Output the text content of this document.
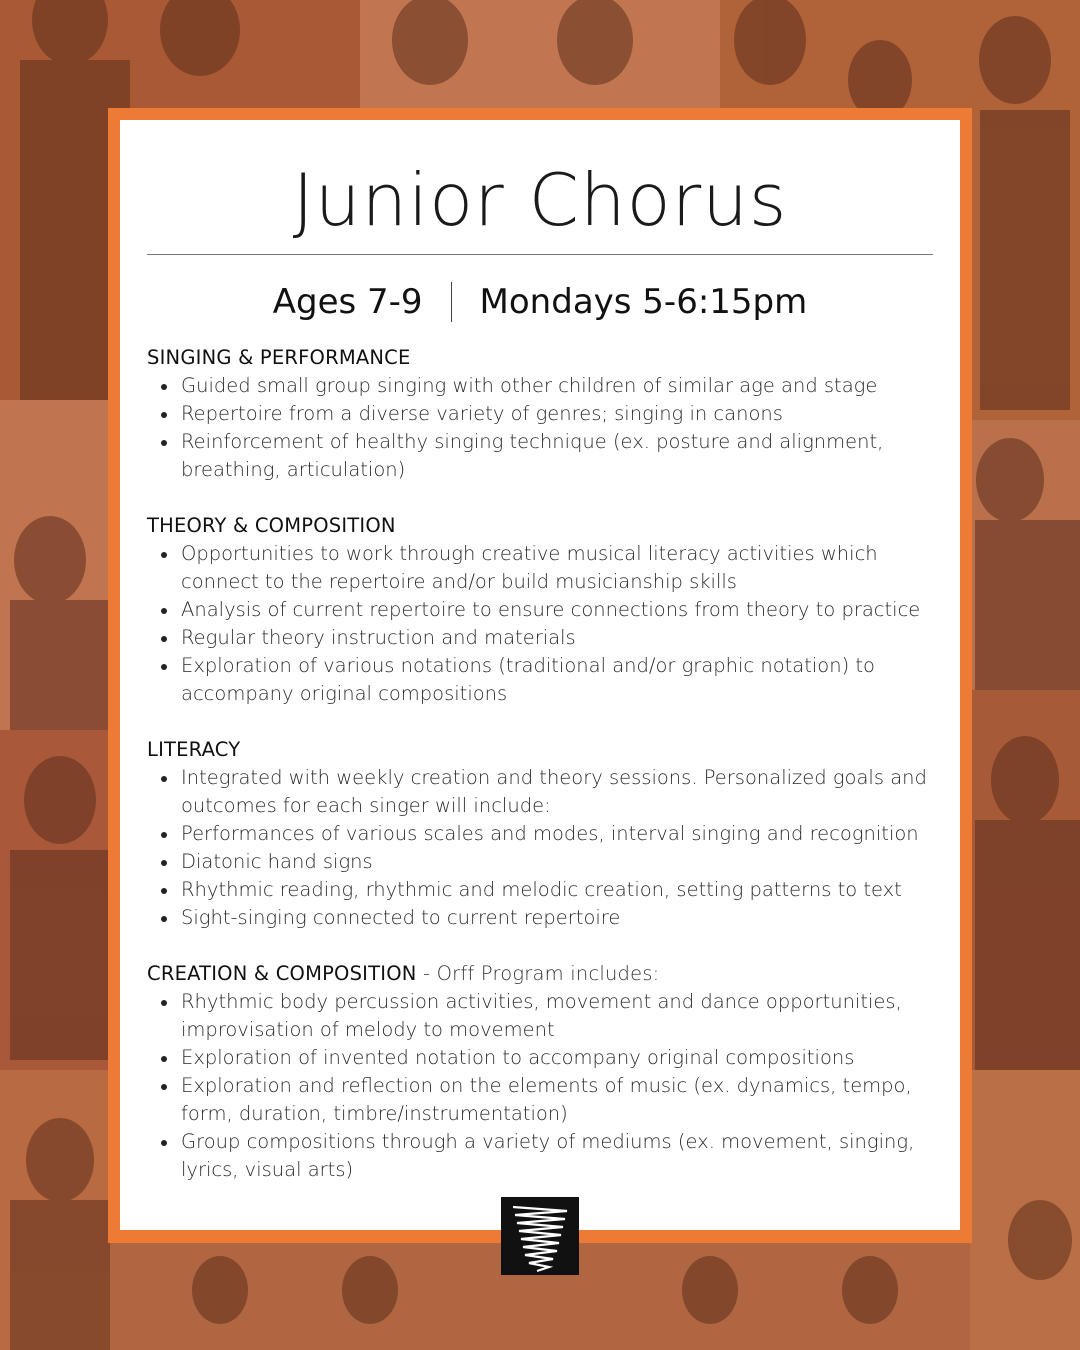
Junior Chorus
Ages 7-9 Mondays 5-6:15pm
SINGING & PERFORMANCE
Guided small group singing with other children of similar age and stage
Repertoire from a diverse variety of genres; singing in canons
Reinforcement of healthy singing technique (ex. posture and alignment, breathing, articulation)
THEORY & COMPOSITION
Opportunities to work through creative musical literacy activities which connect to the repertoire and/or build musicianship skills
Analysis of current repertoire to ensure connections from theory to practice
Regular theory instruction and materials
Exploration of various notations (traditional and/or graphic notation) to accompany original compositions
LITERACY
Integrated with weekly creation and theory sessions. Personalized goals and outcomes for each singer will include:
Performances of various scales and modes, interval singing and recognition
Diatonic hand signs
Rhythmic reading, rhythmic and melodic creation, setting patterns to text
Sight-singing connected to current repertoire
CREATION & COMPOSITION - Orff Program includes:
Rhythmic body percussion activities, movement and dance opportunities, improvisation of melody to movement
Exploration of invented notation to accompany original compositions
Exploration and reflection on the elements of music (ex. dynamics, tempo, form, duration, timbre/instrumentation)
Group compositions through a variety of mediums (ex. movement, singing, lyrics, visual arts)
